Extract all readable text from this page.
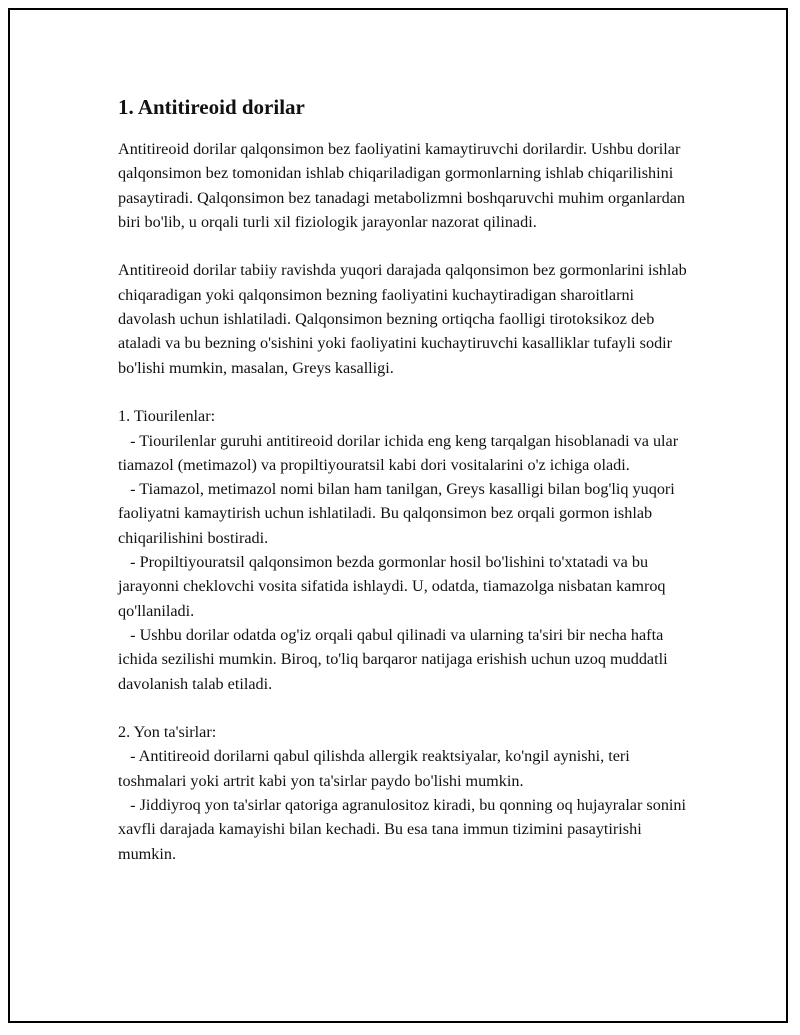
1. Antitireoid dorilar

Antitireoid dorilar qalqonsimon bez faoliyatini kamaytiruvchi dorilardir. Ushbu dorilar qalqonsimon bez tomonidan ishlab chiqariladigan gormonlarning ishlab chiqarilishini pasaytiradi. Qalqonsimon bez tanadagi metabolizmni boshqaruvchi muhim organlardan biri bo'lib, u orqali turli xil fiziologik jarayonlar nazorat qilinadi.

Antitireoid dorilar tabiiy ravishda yuqori darajada qalqonsimon bez gormonlarini ishlab chiqaradigan yoki qalqonsimon bezning faoliyatini kuchaytiradigan sharoitlarni davolash uchun ishlatiladi. Qalqonsimon bezning ortiqcha faolligi tirotoksikoz deb ataladi va bu bezning o'sishini yoki faoliyatini kuchaytiruvchi kasalliklar tufayli sodir bo'lishi mumkin, masalan, Greys kasalligi.

1. Tiourilenlar:

- Tiourilenlar guruhi antitireoid dorilar ichida eng keng tarqalgan hisoblanadi va ular tiamazol (metimazol) va propiltiyouratsil kabi dori vositalarini o'z ichiga oladi.

- Tiamazol, metimazol nomi bilan ham tanilgan, Greys kasalligi bilan bog'liq yuqori faoliyatni kamaytirish uchun ishlatiladi. Bu qalqonsimon bez orqali gormon ishlab chiqarilishini bostiradi.

- Propiltiyouratsil qalqonsimon bezda gormonlar hosil bo'lishini to'xtatadi va bu jarayonni cheklovchi vosita sifatida ishlaydi. U, odatda, tiamazolga nisbatan kamroq qo'llaniladi.

- Ushbu dorilar odatda og'iz orqali qabul qilinadi va ularning ta'siri bir necha hafta ichida sezilishi mumkin. Biroq, to'liq barqaror natijaga erishish uchun uzoq muddatli davolanish talab etiladi.

2. Yon ta'sirlar:

- Antitireoid dorilarni qabul qilishda allergik reaktsiyalar, ko'ngil aynishi, teri toshmalari yoki artrit kabi yon ta'sirlar paydo bo'lishi mumkin.

- Jiddiyroq yon ta'sirlar qatoriga agranulositoz kiradi, bu qonning oq hujayralar sonini xavfli darajada kamayishi bilan kechadi. Bu esa tana immun tizimini pasaytirishi mumkin.
